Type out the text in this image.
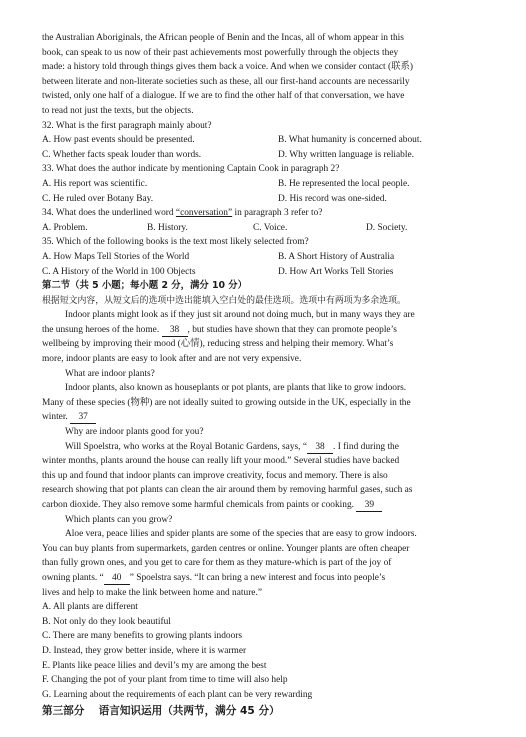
the Australian Aboriginals, the African people of Benin and the Incas, all of whom appear in this
book, can speak to us now of their past achievements most powerfully through the objects they
made: a history told through things gives them back a voice. And when we consider contact (联系)
between literate and non-literate societies such as these, all our first-hand accounts are necessarily
twisted, only one half of a dialogue. If we are to find the other half of that conversation, we have
to read not just the texts, but the objects.
32. What is the first paragraph mainly about?
A. How past events should be presented.	B. What humanity is concerned about.
C. Whether facts speak louder than words.	D. Why written language is reliable.
33. What does the author indicate by mentioning Captain Cook in paragraph 2?
A. His report was scientific.	B. He represented the local people.
C. He ruled over Botany Bay.	D. His record was one-sided.
34. What does the underlined word “conversation” in paragraph 3 refer to?
A. Problem.	B. History.	C. Voice.	D. Society.
35. Which of the following books is the text most likely selected from?
A. How Maps Tell Stories of the World	B. A Short History of Australia
C. A History of the World in 100 Objects	D. How Art Works Tell Stories
第二节（共 5 小题；每小题 2 分，满分 10 分）
根据短文内容，从短文后的选项中选出能填入空白处的最佳选项。选项中有两项为多余选项。
Indoor plants might look as if they just sit around not doing much, but in many ways they are
the unsung heroes of the home. 38 , but studies have shown that they can promote people’s
wellbeing by improving their mood (心情), reducing stress and helping their memory. What’s
more, indoor plants are easy to look after and are not very expensive.
What are indoor plants?
Indoor plants, also known as houseplants or pot plants, are plants that like to grow indoors.
Many of these species (物种) are not ideally suited to growing outside in the UK, especially in the
winter. 37
Why are indoor plants good for you?
Will Spoelstra, who works at the Royal Botanic Gardens, says, “ 38 . I find during the
winter months, plants around the house can really lift your mood.” Several studies have backed
this up and found that indoor plants can improve creativity, focus and memory. There is also
research showing that pot plants can clean the air around them by removing harmful gases, such as
carbon dioxide. They also remove some harmful chemicals from paints or cooking. 39
Which plants can you grow?
Aloe vera, peace lilies and spider plants are some of the species that are easy to grow indoors.
You can buy plants from supermarkets, garden centres or online. Younger plants are often cheaper
than fully grown ones, and you get to care for them as they mature-which is part of the joy of
owning plants. “ 40 ” Spoelstra says. “It can bring a new interest and focus into people’s
lives and help to make the link between home and nature.”
A. All plants are different
B. Not only do they look beautiful
C. There are many benefits to growing plants indoors
D. Instead, they grow better inside, where it is warmer
E. Plants like peace lilies and devil’s my are among the best
F. Changing the pot of your plant from time to time will also help
G. Learning about the requirements of each plant can be very rewarding
第三部分　 语言知识运用（共两节，满分 45 分）
